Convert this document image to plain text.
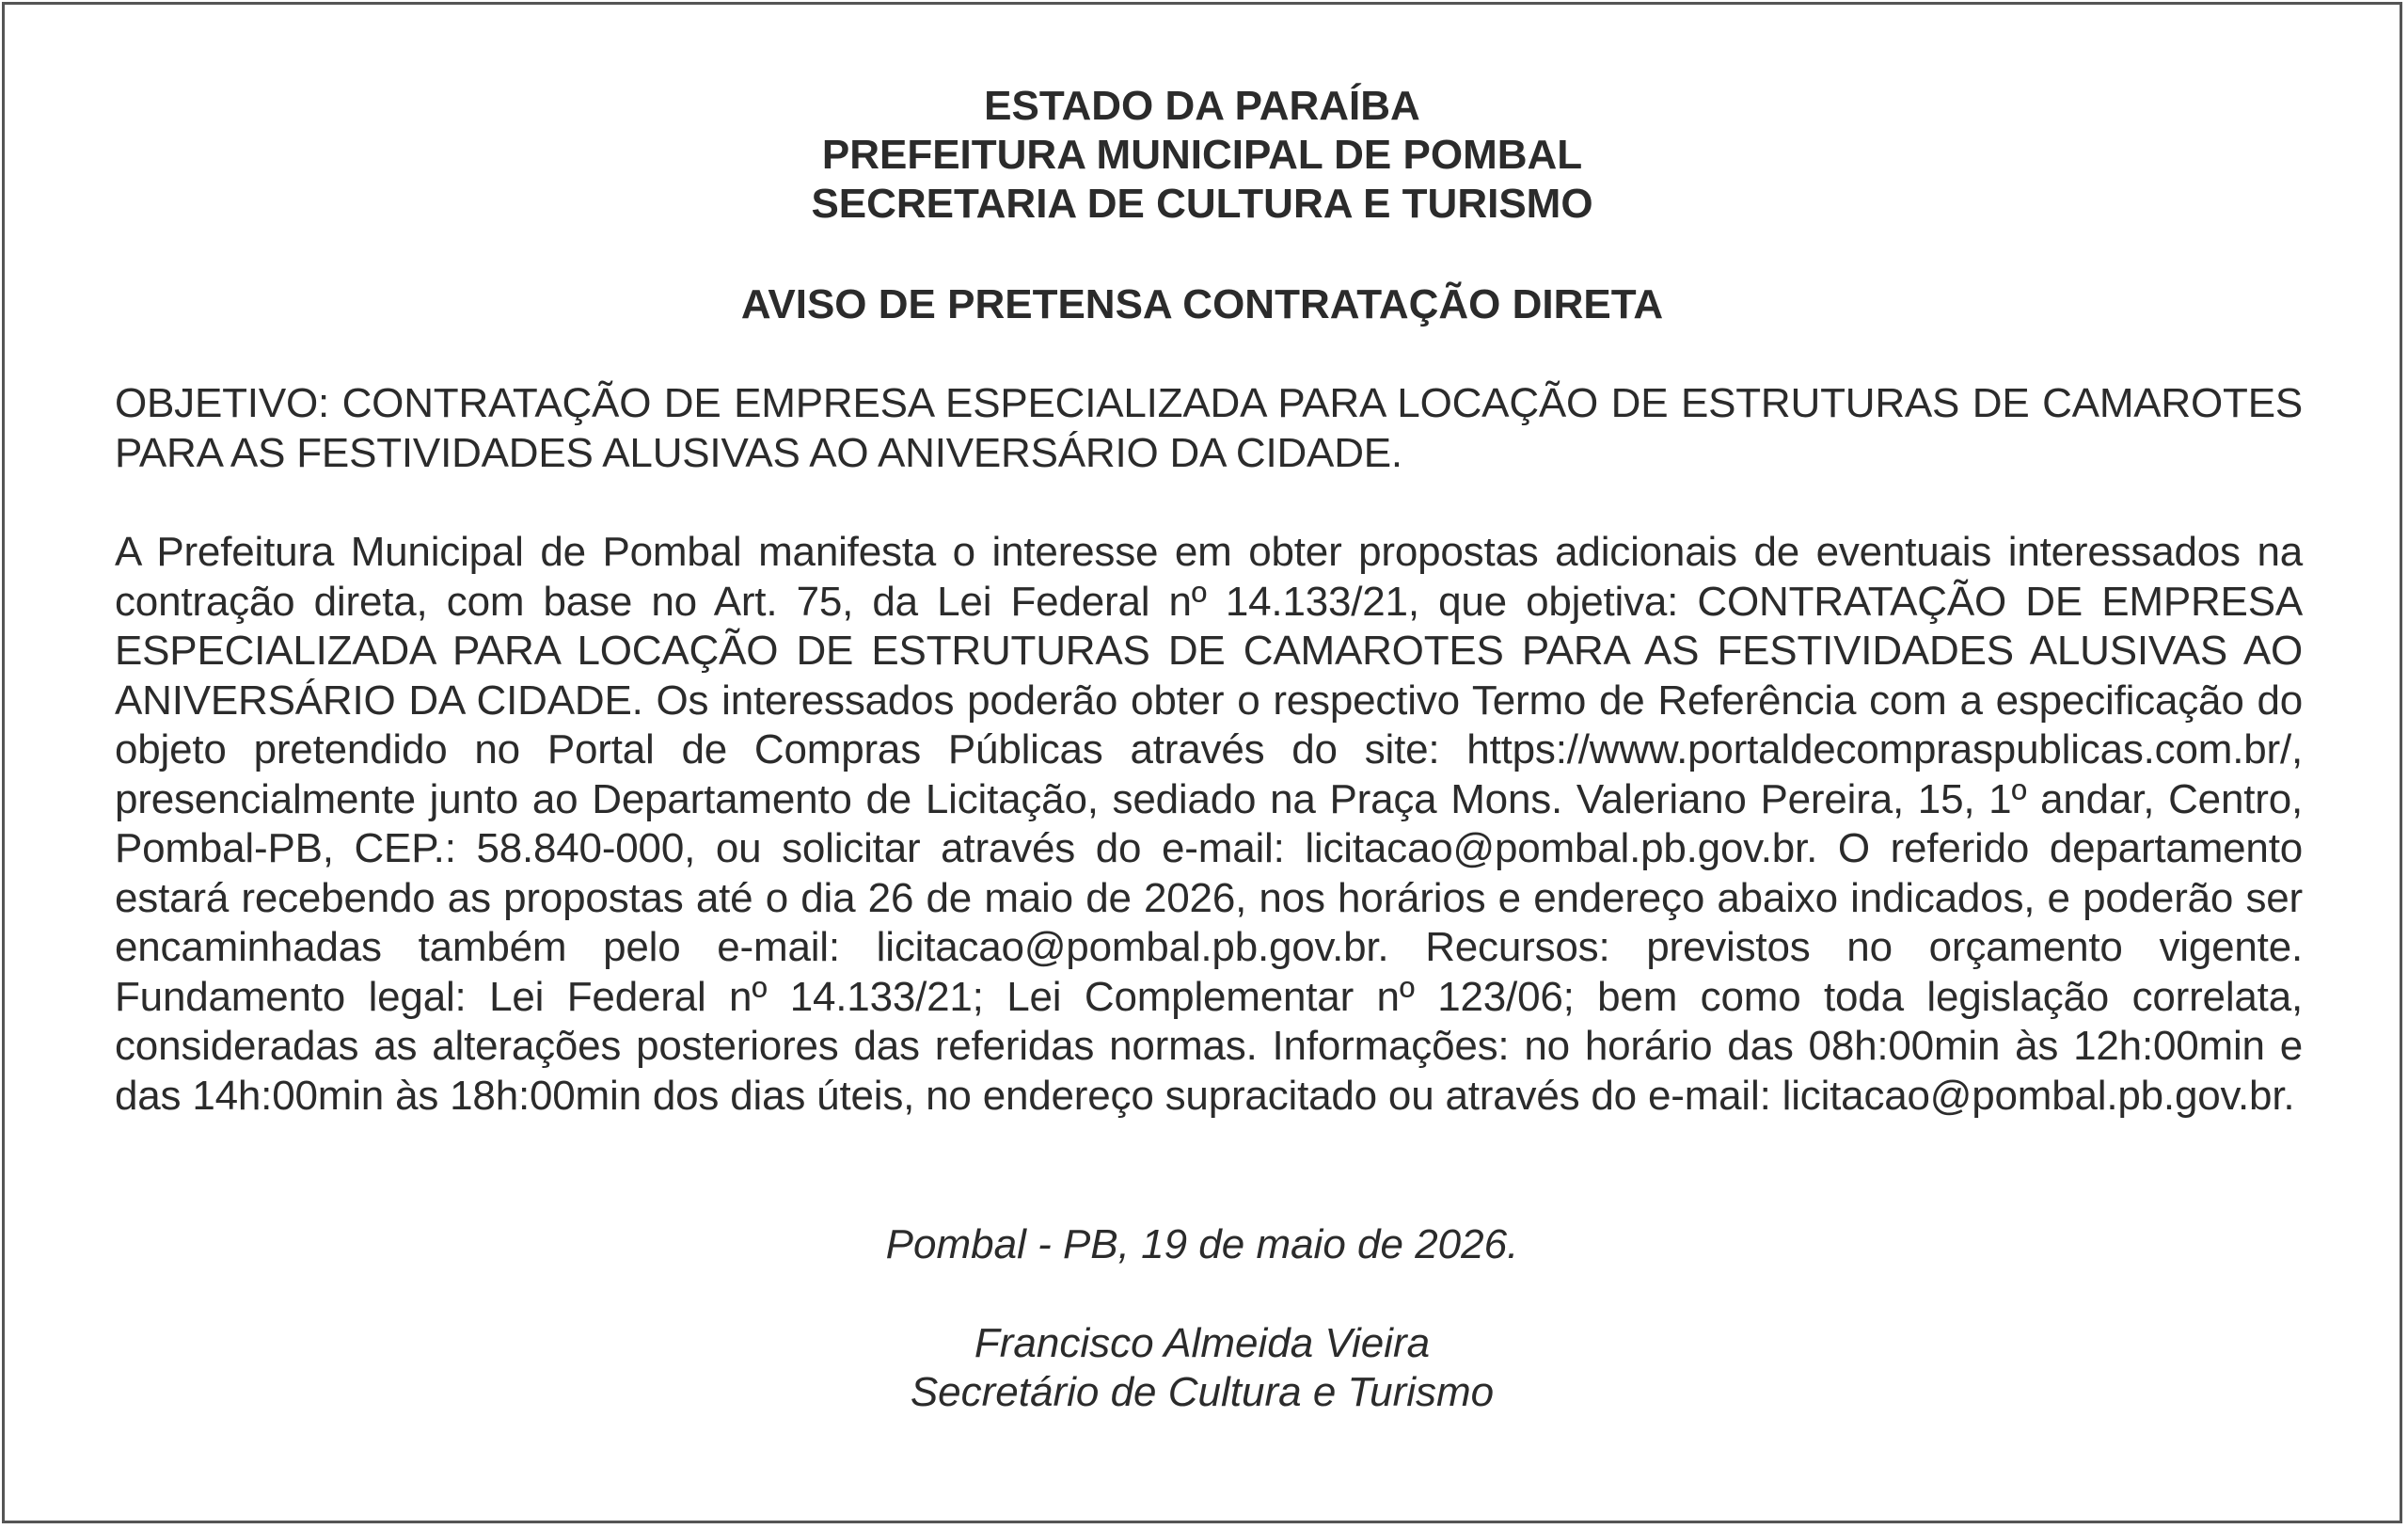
ESTADO DA PARAÍBA
PREFEITURA MUNICIPAL DE POMBAL
SECRETARIA DE CULTURA E TURISMO
AVISO DE PRETENSA CONTRATAÇÃO DIRETA
OBJETIVO: CONTRATAÇÃO DE EMPRESA ESPECIALIZADA PARA LOCAÇÃO DE ESTRUTURAS DE CAMAROTES PARA AS FESTIVIDADES ALUSIVAS AO ANIVERSÁRIO DA CIDADE.
A Prefeitura Municipal de Pombal manifesta o interesse em obter propostas adicionais de eventuais interessados na contração direta, com base no Art. 75, da Lei Federal nº 14.133/21, que objetiva: CONTRATAÇÃO DE EMPRESA ESPECIALIZADA PARA LOCAÇÃO DE ESTRUTURAS DE CAMAROTES PARA AS FESTIVIDADES ALUSIVAS AO ANIVERSÁRIO DA CIDADE. Os interessados poderão obter o respectivo Termo de Referência com a especificação do objeto pretendido no Portal de Compras Públicas através do site: https://www.portaldecompraspublicas.com.br/, presencialmente junto ao Departamento de Licitação, sediado na Praça Mons. Valeriano Pereira, 15, 1º andar, Centro, Pombal-PB, CEP.: 58.840-000, ou solicitar através do e-mail: licitacao@pombal.pb.gov.br. O referido departamento estará recebendo as propostas até o dia 26 de maio de 2026, nos horários e endereço abaixo indicados, e poderão ser encaminhadas também pelo e-mail: licitacao@pombal.pb.gov.br. Recursos: previstos no orçamento vigente. Fundamento legal: Lei Federal nº 14.133/21; Lei Complementar nº 123/06; bem como toda legislação correlata, consideradas as alterações posteriores das referidas normas. Informações: no horário das 08h:00min às 12h:00min e das 14h:00min às 18h:00min dos dias úteis, no endereço supracitado ou através do e-mail: licitacao@pombal.pb.gov.br.
Pombal - PB, 19 de maio de 2026.
Francisco Almeida Vieira
Secretário de Cultura e Turismo
